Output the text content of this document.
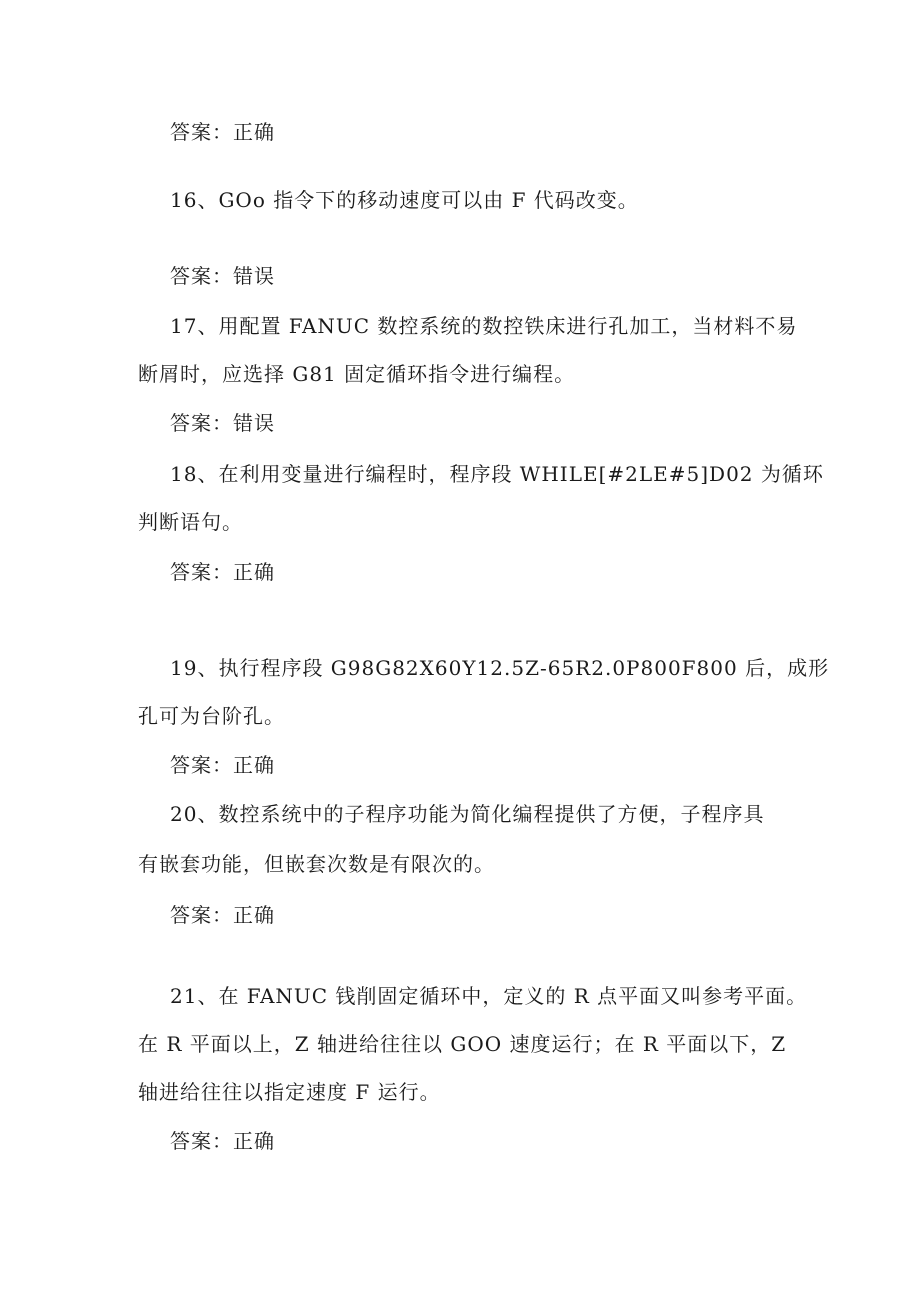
答案：正确
16、GOo 指令下的移动速度可以由 F 代码改变。
答案：错误
17、用配置 FANUC 数控系统的数控铁床进行孔加工，当材料不易
断屑时，应选择 G81 固定循环指令进行编程。
答案：错误
18、在利用变量进行编程时，程序段 WHILE[#2LE#5]D02 为循环
判断语句。
答案：正确
19、执行程序段 G98G82X60Y12.5Z-65R2.0P800F800 后，成形
孔可为台阶孔。
答案：正确
20、数控系统中的子程序功能为简化编程提供了方便，子程序具
有嵌套功能，但嵌套次数是有限次的。
答案：正确
21、在 FANUC 钱削固定循环中，定义的 R 点平面又叫参考平面。
在 R 平面以上，Z 轴进给往往以 GOO 速度运行；在 R 平面以下，Z
轴进给往往以指定速度 F 运行。
答案：正确
